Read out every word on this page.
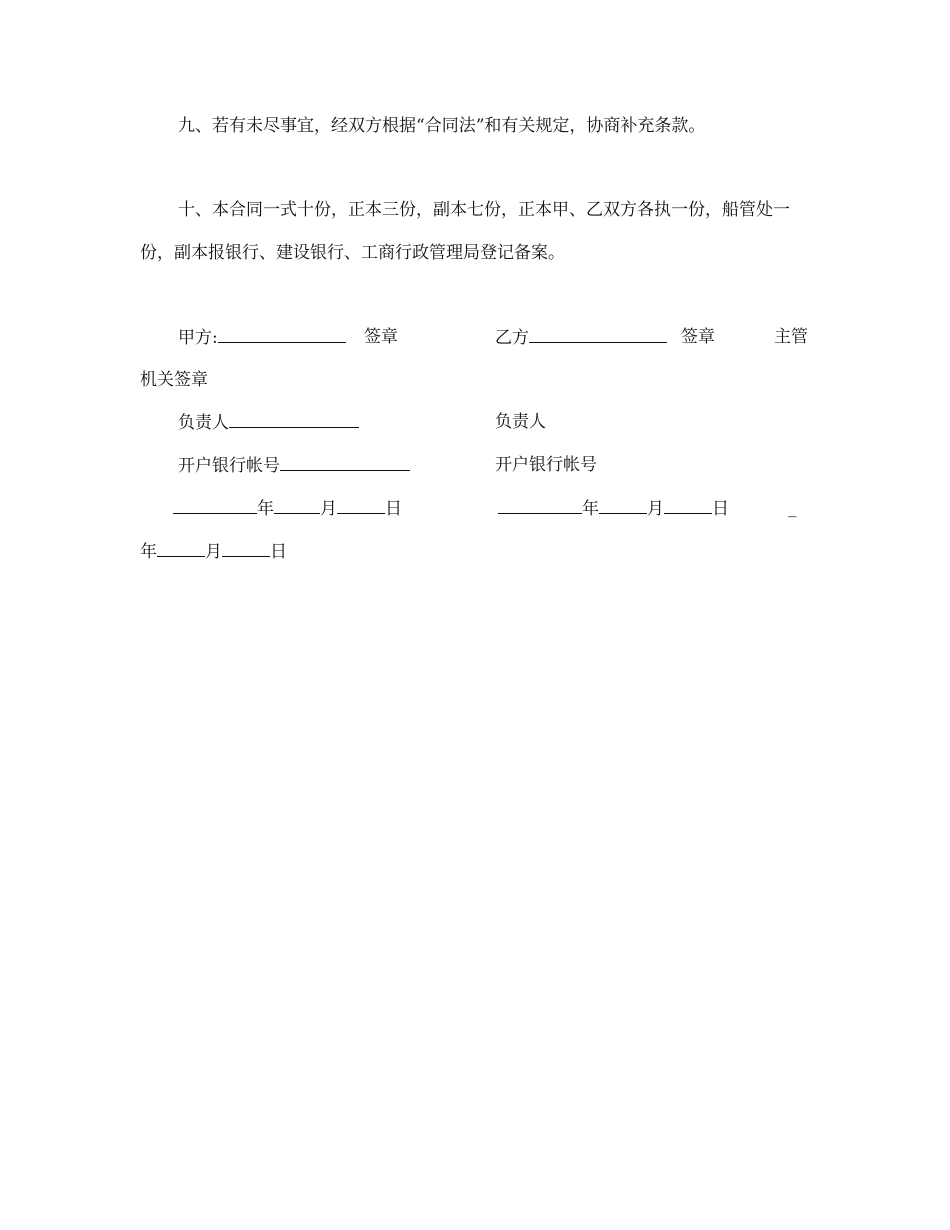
九、若有未尽事宜，经双方根据“合同法”和有关规定，协商补充条款。
十、本合同一式十份，正本三份，副本七份，正本甲、乙双方各执一份，船管处一
份，副本报银行、建设银行、工商行政管理局登记备案。
甲方:	签章	乙方	签章	主管
机关签章
负责人	负责人
开户银行帐号	开户银行帐号
年	月	日	年	月	日	_
年	月	日
